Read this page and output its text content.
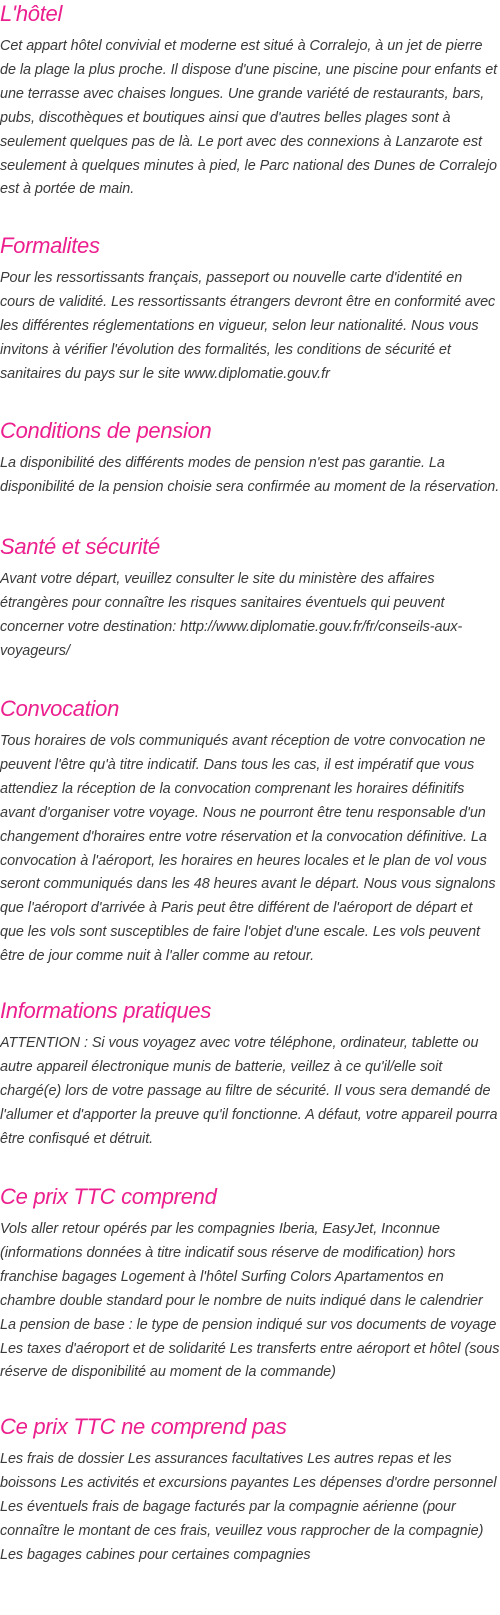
L'hôtel

Cet appart hôtel convivial et moderne est situé à Corralejo, à un jet de pierre de la plage la plus proche. Il dispose d'une piscine, une piscine pour enfants et une terrasse avec chaises longues. Une grande variété de restaurants, bars, pubs, discothèques et boutiques ainsi que d'autres belles plages sont à seulement quelques pas de là. Le port avec des connexions à Lanzarote est seulement à quelques minutes à pied, le Parc national des Dunes de Corralejo est à portée de main.

Formalites

Pour les ressortissants français, passeport ou nouvelle carte d'identité en cours de validité. Les ressortissants étrangers devront être en conformité avec les différentes réglementations en vigueur, selon leur nationalité. Nous vous invitons à vérifier l'évolution des formalités, les conditions de sécurité et sanitaires du pays sur le site www.diplomatie.gouv.fr

Conditions de pension

La disponibilité des différents modes de pension n'est pas garantie. La disponibilité de la pension choisie sera confirmée au moment de la réservation.

Santé et sécurité

Avant votre départ, veuillez consulter le site du ministère des affaires étrangères pour connaître les risques sanitaires éventuels qui peuvent concerner votre destination: http://www.diplomatie.gouv.fr/fr/conseils-aux-voyageurs/

Convocation

Tous horaires de vols communiqués avant réception de votre convocation ne peuvent l'être qu'à titre indicatif. Dans tous les cas, il est impératif que vous attendiez la réception de la convocation comprenant les horaires définitifs avant d'organiser votre voyage. Nous ne pourront être tenu responsable d'un changement d'horaires entre votre réservation et la convocation définitive. La convocation à l'aéroport, les horaires en heures locales et le plan de vol vous seront communiqués dans les 48 heures avant le départ. Nous vous signalons que l'aéroport d'arrivée à Paris peut être différent de l'aéroport de départ et que les vols sont susceptibles de faire l'objet d'une escale. Les vols peuvent être de jour comme nuit à l'aller comme au retour.

Informations pratiques

ATTENTION : Si vous voyagez avec votre téléphone, ordinateur, tablette ou autre appareil électronique munis de batterie, veillez à ce qu'il/elle soit chargé(e) lors de votre passage au filtre de sécurité. Il vous sera demandé de l'allumer et d'apporter la preuve qu'il fonctionne. A défaut, votre appareil pourra être confisqué et détruit.

Ce prix TTC comprend

Vols aller retour opérés par les compagnies Iberia, EasyJet, Inconnue (informations données à titre indicatif sous réserve de modification) hors franchise bagages Logement à l'hôtel Surfing Colors Apartamentos en chambre double standard pour le nombre de nuits indiqué dans le calendrier La pension de base : le type de pension indiqué sur vos documents de voyage Les taxes d'aéroport et de solidarité Les transferts entre aéroport et hôtel (sous réserve de disponibilité au moment de la commande)

Ce prix TTC ne comprend pas

Les frais de dossier Les assurances facultatives Les autres repas et les boissons Les activités et excursions payantes Les dépenses d'ordre personnel Les éventuels frais de bagage facturés par la compagnie aérienne (pour connaître le montant de ces frais, veuillez vous rapprocher de la compagnie) Les bagages cabines pour certaines compagnies
